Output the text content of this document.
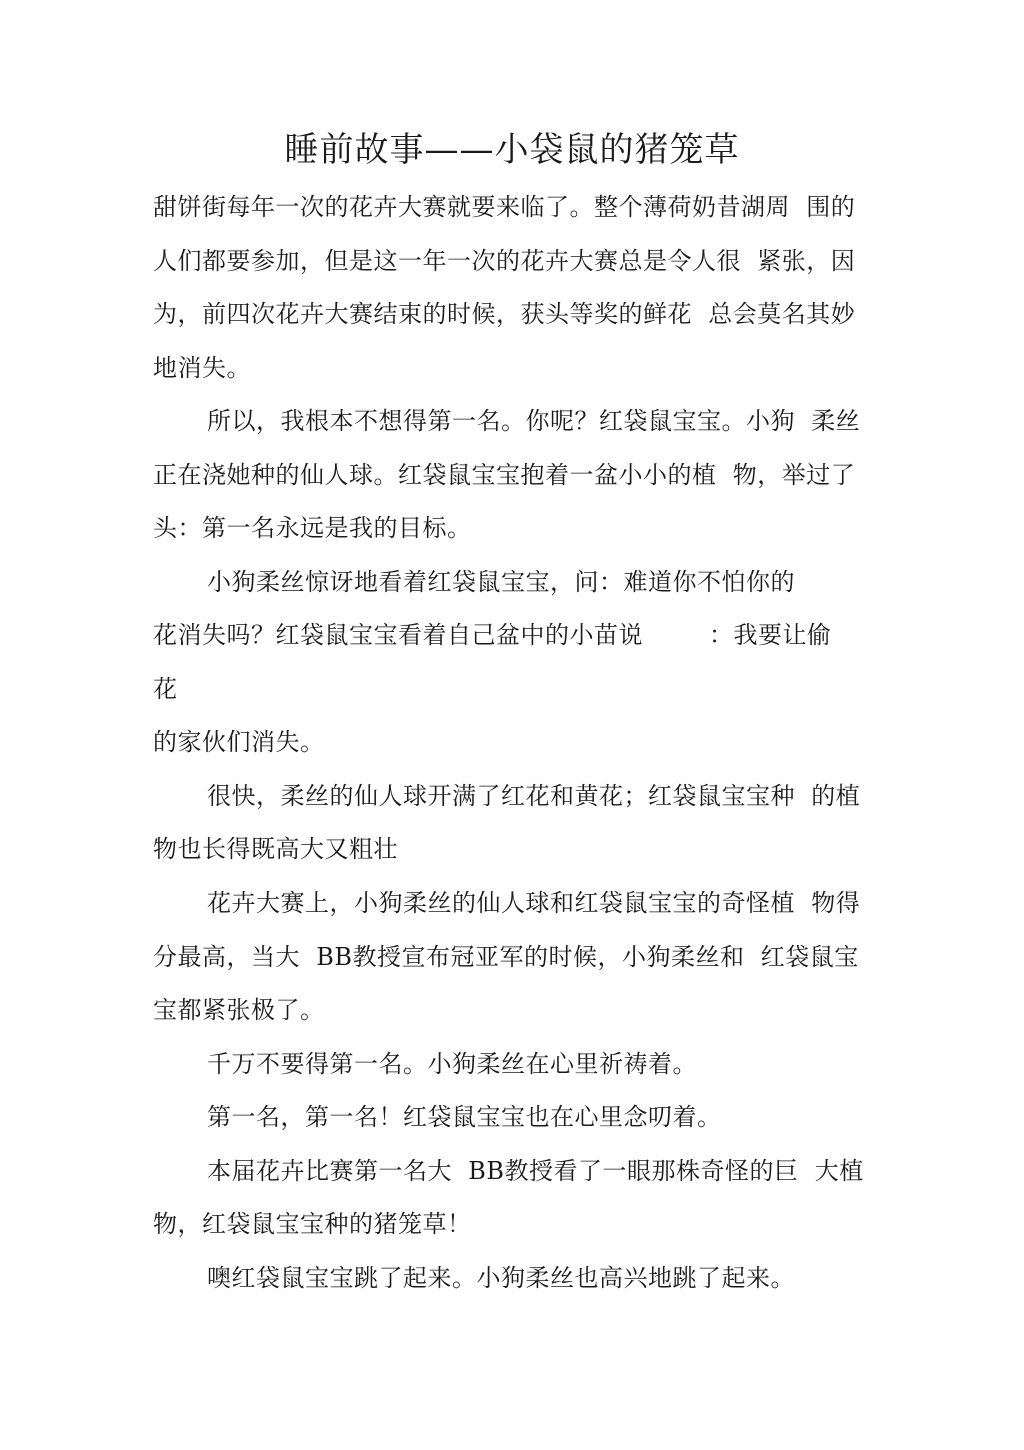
睡前故事——小袋鼠的猪笼草
甜饼街每年一次的花卉大赛就要来临了。整个薄荷奶昔湖周  围的
人们都要参加，但是这一年一次的花卉大赛总是令人很  紧张，因
为，前四次花卉大赛结束的时候，获头等奖的鲜花  总会莫名其妙
地消失。
所以，我根本不想得第一名。你呢？红袋鼠宝宝。小狗  柔丝
正在浇她种的仙人球。红袋鼠宝宝抱着一盆小小的植  物，举过了
头：第一名永远是我的目标。
小狗柔丝惊讶地看着红袋鼠宝宝，问：难道你不怕你的
花消失吗？红袋鼠宝宝看着自己盆中的小苗说	：我要让偷
花
的家伙们消失。
很快，柔丝的仙人球开满了红花和黄花；红袋鼠宝宝种  的植
物也长得既高大又粗壮
花卉大赛上，小狗柔丝的仙人球和红袋鼠宝宝的奇怪植  物得
分最高，当大  BB教授宣布冠亚军的时候，小狗柔丝和  红袋鼠宝
宝都紧张极了。
千万不要得第一名。小狗柔丝在心里祈祷着。
第一名，第一名！红袋鼠宝宝也在心里念叨着。
本届花卉比赛第一名大  BB教授看了一眼那株奇怪的巨  大植
物，红袋鼠宝宝种的猪笼草！
噢红袋鼠宝宝跳了起来。小狗柔丝也高兴地跳了起来。
